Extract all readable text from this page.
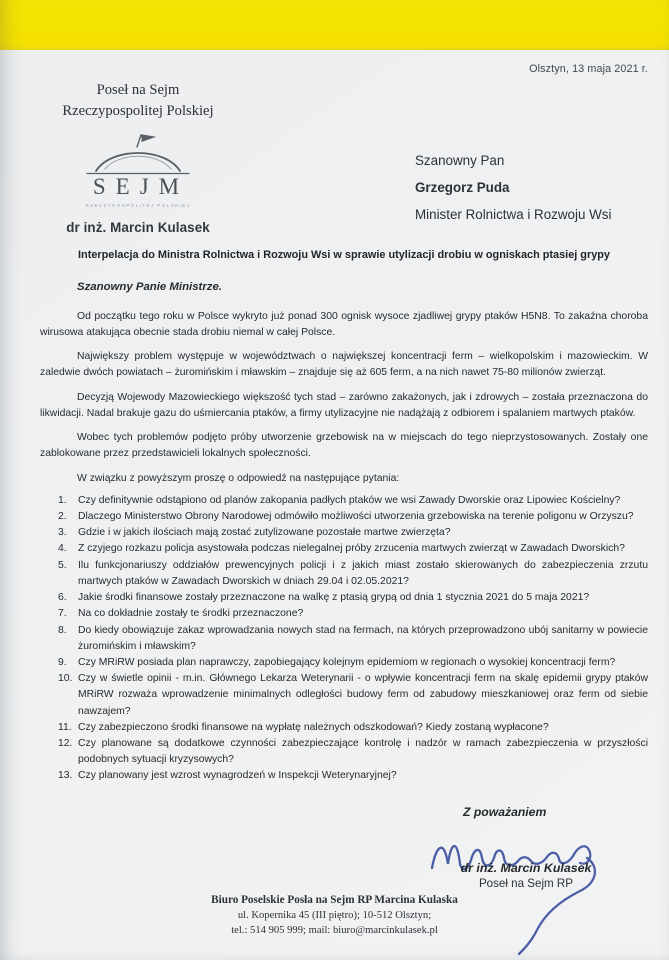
Olsztyn, 13 maja 2021 r.
Poseł na Sejm
Rzeczypospolitej Polskiej
SEJM
RZECZYPOSPOLITEJ POLSKIEJ
dr inż. Marcin Kulasek
Szanowny Pan
Grzegorz Puda
Minister Rolnictwa i Rozwoju Wsi
Interpelacja do Ministra Rolnictwa i Rozwoju Wsi w sprawie utylizacji drobiu w ogniskach ptasiej grypy
Szanowny Panie Ministrze.

Od początku tego roku w Polsce wykryto już ponad 300 ognisk wysoce zjadliwej grypy ptaków H5N8. To zakaźna choroba wirusowa atakująca obecnie stada drobiu niemal w całej Polsce.

Największy problem występuje w województwach o największej koncentracji ferm – wielkopolskim i mazowieckim. W zaledwie dwóch powiatach – żuromińskim i mławskim – znajduje się aż 605 ferm, a na nich nawet 75-80 milionów zwierząt.

Decyzją Wojewody Mazowieckiego większość tych stad – zarówno zakażonych, jak i zdrowych – została przeznaczona do likwidacji. Nadal brakuje gazu do uśmiercania ptaków, a firmy utylizacyjne nie nadążają z odbiorem i spalaniem martwych ptaków.

Wobec tych problemów podjęto próby utworzenie grzebowisk na w miejscach do tego nieprzystosowanych. Zostały one zablokowane przez przedstawicieli lokalnych społeczności.

W związku z powyższym proszę o odpowiedź na następujące pytania:

1.	Czy definitywnie odstąpiono od planów zakopania padłych ptaków we wsi Zawady Dworskie oraz Lipowiec Kościelny?
2.	Dlaczego Ministerstwo Obrony Narodowej odmówiło możliwości utworzenia grzebowiska na terenie poligonu w Orzyszu?
3.	Gdzie i w jakich ilościach mają zostać zutylizowane pozostałe martwe zwierzęta?
4.	Z czyjego rozkazu policja asystowała podczas nielegalnej próby zrzucenia martwych zwierząt w Zawadach Dworskich?
5.	Ilu funkcjonariuszy oddziałów prewencyjnych policji i z jakich miast zostało skierowanych do zabezpieczenia zrzutu martwych ptaków w Zawadach Dworskich w dniach 29.04 i 02.05.2021?
6.	Jakie środki finansowe zostały przeznaczone na walkę z ptasią grypą od dnia 1 stycznia 2021 do 5 maja 2021?
7.	Na co dokładnie zostały te środki przeznaczone?
8.	Do kiedy obowiązuje zakaz wprowadzania nowych stad na fermach, na których przeprowadzono ubój sanitarny w powiecie żuromińskim i mławskim?
9.	Czy MRiRW posiada plan naprawczy, zapobiegający kolejnym epidemiom w regionach o wysokiej koncentracji ferm?
10. Czy w świetle opinii - m.in. Głównego Lekarza Weterynarii - o wpływie koncentracji ferm na skalę epidemii grypy ptaków MRiRW rozważa wprowadzenie minimalnych odległości budowy ferm od zabudowy mieszkaniowej oraz ferm od siebie nawzajem?
11. Czy zabezpieczono środki finansowe na wypłatę należnych odszkodowań? Kiedy zostaną wypłacone?
12. Czy planowane są dodatkowe czynności zabezpieczające kontrolę i nadzór w ramach zabezpieczenia w przyszłości podobnych sytuacji kryzysowych?
13. Czy planowany jest wzrost wynagrodzeń w Inspekcji Weterynaryjnej?
Z poważaniem
dr inż. Marcin Kulasek
Poseł na Sejm RP
Biuro Poselskie Posła na Sejm RP Marcina Kulaska
ul. Kopernika 45 (III piętro); 10-512 Olsztyn;
tel.: 514 905 999; mail: biuro@marcinkulasek.pl
